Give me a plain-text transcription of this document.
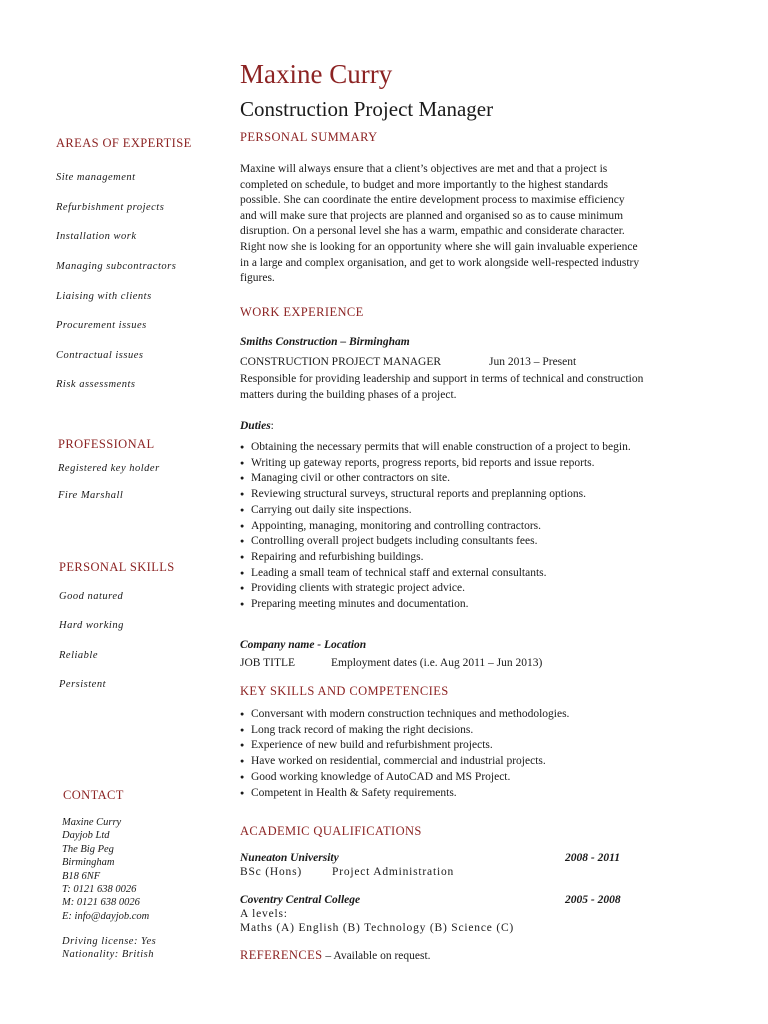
Maxine Curry
Construction Project Manager
AREAS OF EXPERTISE
Site management
Refurbishment projects
Installation work
Managing subcontractors
Liaising with clients
Procurement issues
Contractual issues
Risk assessments
PROFESSIONAL
Registered key holder
Fire Marshall
PERSONAL SKILLS
Good natured
Hard working
Reliable
Persistent
CONTACT
Maxine Curry
Dayjob Ltd
The Big Peg
Birmingham
B18 6NF
T: 0121 638 0026
M: 0121 638 0026
E: info@dayjob.com
Driving license: Yes
Nationality: British
PERSONAL SUMMARY
Maxine will always ensure that a client’s objectives are met and that a project is
completed on schedule, to budget and more importantly to the highest standards
possible. She can coordinate the entire development process to maximise efficiency
and will make sure that projects are planned and organised so as to cause minimum
disruption. On a personal level she has a warm, empathic and considerate character.
Right now she is looking for an opportunity where she will gain invaluable experience
in a large and complex organisation, and get to work alongside well-respected industry
figures.
WORK EXPERIENCE
Smiths Construction – Birmingham
CONSTRUCTION PROJECT MANAGER	Jun 2013 – Present
Responsible for providing leadership and support in terms of technical and construction
matters during the building phases of a project.
Duties:
● Obtaining the necessary permits that will enable construction of a project to begin.
● Writing up gateway reports, progress reports, bid reports and issue reports.
● Managing civil or other contractors on site.
● Reviewing structural surveys, structural reports and preplanning options.
● Carrying out daily site inspections.
● Appointing, managing, monitoring and controlling contractors.
● Controlling overall project budgets including consultants fees.
● Repairing and refurbishing buildings.
● Leading a small team of technical staff and external consultants.
● Providing clients with strategic project advice.
● Preparing meeting minutes and documentation.
Company name - Location
JOB TITLE	Employment dates (i.e. Aug 2011 – Jun 2013)
KEY SKILLS AND COMPETENCIES
● Conversant with modern construction techniques and methodologies.
● Long track record of making the right decisions.
● Experience of new build and refurbishment projects.
● Have worked on residential, commercial and industrial projects.
● Good working knowledge of AutoCAD and MS Project.
● Competent in Health & Safety requirements.
ACADEMIC QUALIFICATIONS
Nuneaton University	2008 - 2011
BSc (Hons)	Project Administration
Coventry Central College	2005 - 2008
A levels:
Maths (A) English (B) Technology (B) Science (C)
REFERENCES – Available on request.
